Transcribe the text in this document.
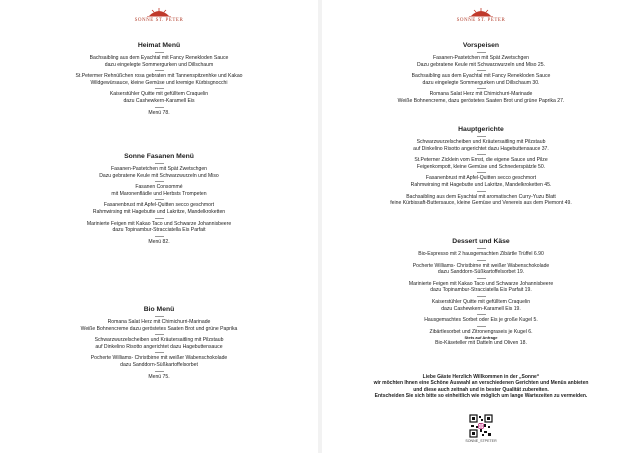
SONNE ST. PETER

Heimat Menü

Bachsaibling aus dem Eyachtal mit Fancy Renekloden Sauce

dazu eingelegte Sommergurken und Dillschaum

St.Petermer Rehnüßchen rosa gebraten mit Tannenspitzenhke und Kakao

Wildgewürsauce, kleine Gemüse und kremige Kürbisgnocchi

Kaiserstühler Quitte mit gefülltem Craquelin

dazu Cashewkern-Karamell Eis

Menü 78.

Sonne Fasanen Menü

Fasanen-Pastetchen mit Spät Zwetschgen

Dazu gebratene Keule mit Schwarzwurzeln und Miso

Fasanen Consommé

mit Maronenflädle und Herbsts Trompeten

Fasanenbrust mit Apfel-Quitten secco geschmort

Rahmwirsing mit Hagebutte und Lakritze, Mandelkroketten

Marinierte Feigen mit Kakao Taco und Schwarze Johannisbeere

dazu Topinambur-Stracciatella Eis Parfait

Menü 82.

Bio Menü

Romana Salat Herz mit Chimichurri-Marinade

Weiße Bohnencreme dazu geröstetes Saaten Brot und grüne Paprika

Schwarzwurzelscheiben und Kräutersaitling mit Pilzstaub

auf Dinkelino Risotto angerichtet dazu Hagebuttensauce

Pocherte Williams- Christbirne mit weißer Wabenschokolade

dazu Sanddorn-Süßkartoffelsorbet

Menü 75.

SONNE ST. PETER

Vorspeisen

Fasanen-Pastetchen mit Spät Zwetschgen

Dazu gebratene Keule mit Schwarzwurzeln und Miso 25.

Bachsaibling aus dem Eyachtal mit Fancy Renekloden Sauce

dazu eingelegte Sommergurken und Dillschaum 30.

Romana Salat Herz mit Chimichurri-Marinade

Weiße Bohnencreme, dazu geröstetes Saaten Brot und grüne Paprika 27.

Hauptgerichte

Schwarzwurzelscheiben und Kräutersaitling mit Pilzstaub

auf Dinkelino Risotto angerichtet dazu Hagebuttensauce 37.

St.Peterner Zicklein vom Ernst, die eigene Sauce und Pilze

Feigenkompott, kleine Gemüse und Schnederspätzle 50.

Fasanenbrust mit Apfel-Quitten secco geschmort

Rahmwirsing mit Hagebutte und Lakritze, Mandelkroketten 45.

Bachsaibling aus dem Eyachtal mit aromatischen Curry-Yuzu Blatt

feine Kürbissaft-Buttersauce, kleine Gemüse und Venereis aus dem Piemont 49.

Dessert und Käse

Bio-Espresso mit 2 hausgemachten Zibärtle Trüffel 6.90

Pocherte Williams- Christbirne mit weißer Wabenschokolade

dazu Sanddorn-Süßkartoffelsorbet 19.

Marinierte Feigen mit Kakao Taco und Schwarze Johannisbeere

dazu Topinambur-Stracciatella Eis Parfait 19.

Kaiserstühler Quitte mit gefülltem Craquelin

dazu Cashewkern-Karamell Eis 19.

Hausgemachtes Sorbet oder Eis je große Kugel 5.

Zibärtlesorbet und Zitronengraseis je Kugel 6.

Stets auf Anfrage

Bio-Käseteller mit Datteln und Oliven 18.

Liebe Gäste Herzlich Willkommen in der „Sonne“

wir möchten Ihnen eine Schöne Auswahl an verschiedenen Gerichten und Menüs anbieten

und diese auch zeitnah und in bester Qualität zubereiten.

Entscheiden Sie sich bitte so einheitlich wie möglich um lange Wartezeiten zu vermeiden.

SONNE_STPETER
